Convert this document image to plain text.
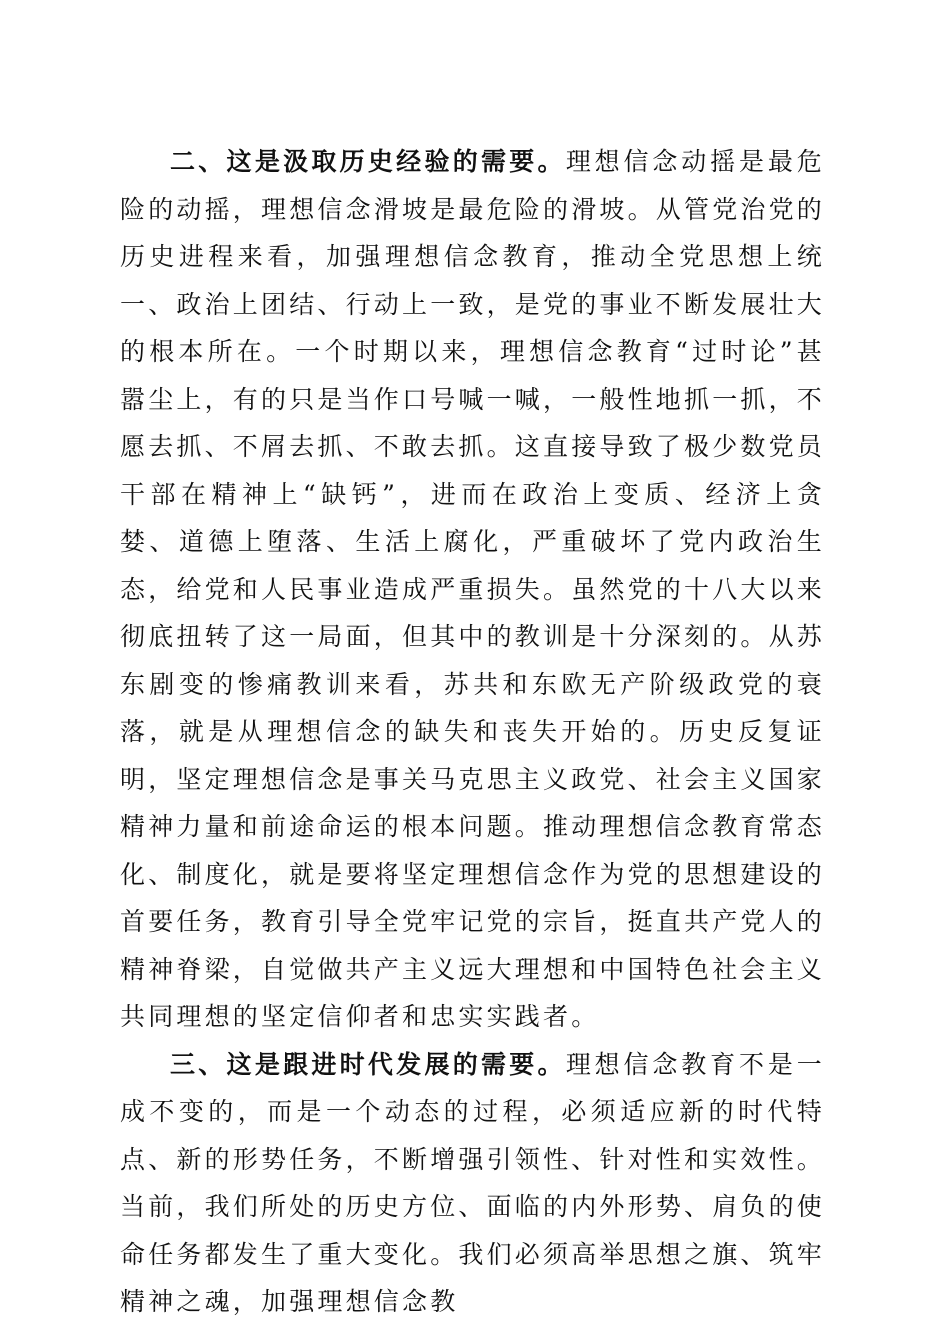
二、这是汲取历史经验的需要。理想信念动摇是最危险的动摇，理想信念滑坡是最危险的滑坡。从管党治党的历史进程来看，加强理想信念教育，推动全党思想上统一、政治上团结、行动上一致，是党的事业不断发展壮大的根本所在。一个时期以来，理想信念教育“过时论”甚嚣尘上，有的只是当作口号喊一喊，一般性地抓一抓，不愿去抓、不屑去抓、不敢去抓。这直接导致了极少数党员干部在精神上“缺钙”，进而在政治上变质、经济上贪婪、道德上堕落、生活上腐化，严重破坏了党内政治生态，给党和人民事业造成严重损失。虽然党的十八大以来彻底扭转了这一局面，但其中的教训是十分深刻的。从苏东剧变的惨痛教训来看，苏共和东欧无产阶级政党的衰落，就是从理想信念的缺失和丧失开始的。历史反复证明，坚定理想信念是事关马克思主义政党、社会主义国家精神力量和前途命运的根本问题。推动理想信念教育常态化、制度化，就是要将坚定理想信念作为党的思想建设的首要任务，教育引导全党牢记党的宗旨，挺直共产党人的精神脊梁，自觉做共产主义远大理想和中国特色社会主义共同理想的坚定信仰者和忠实实践者。

三、这是跟进时代发展的需要。理想信念教育不是一成不变的，而是一个动态的过程，必须适应新的时代特点、新的形势任务，不断增强引领性、针对性和实效性。当前，我们所处的历史方位、面临的内外形势、肩负的使命任务都发生了重大变化。我们必须高举思想之旗、筑牢精神之魂，加强理想信念教
